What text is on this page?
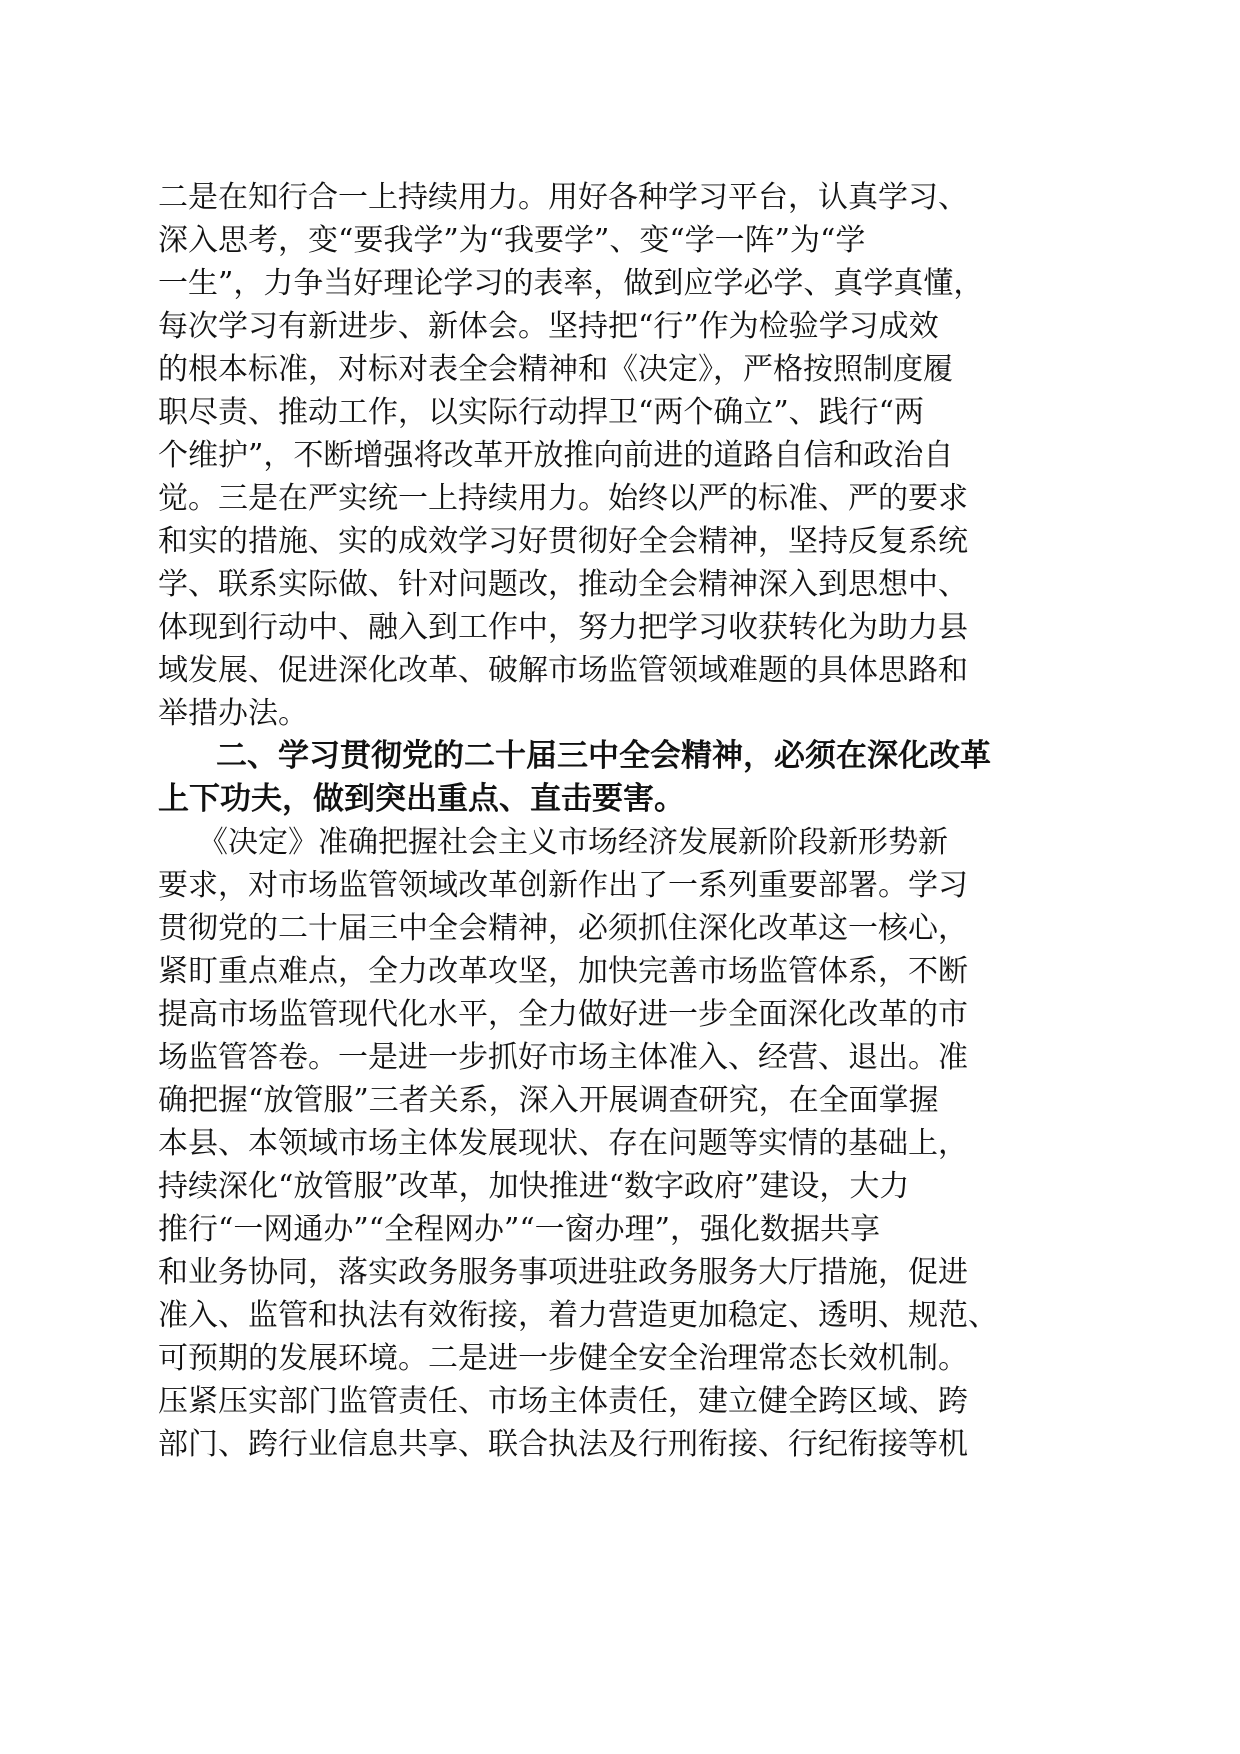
二是在知行合一上持续用力。用好各种学习平台，认真学习、
深入思考，变“要我学”为“我要学”、变“学一阵”为“学
一生”，力争当好理论学习的表率，做到应学必学、真学真懂，
每次学习有新进步、新体会。坚持把“行”作为检验学习成效
的根本标准，对标对表全会精神和《决定》，严格按照制度履
职尽责、推动工作，以实际行动捍卫“两个确立”、践行“两
个维护”，不断增强将改革开放推向前进的道路自信和政治自
觉。三是在严实统一上持续用力。始终以严的标准、严的要求
和实的措施、实的成效学习好贯彻好全会精神，坚持反复系统
学、联系实际做、针对问题改，推动全会精神深入到思想中、
体现到行动中、融入到工作中，努力把学习收获转化为助力县
域发展、促进深化改革、破解市场监管领域难题的具体思路和
举措办法。
二、学习贯彻党的二十届三中全会精神，必须在深化改革
上下功夫，做到突出重点、直击要害。
《决定》准确把握社会主义市场经济发展新阶段新形势新
要求，对市场监管领域改革创新作出了一系列重要部署。学习
贯彻党的二十届三中全会精神，必须抓住深化改革这一核心，
紧盯重点难点，全力改革攻坚，加快完善市场监管体系，不断
提高市场监管现代化水平，全力做好进一步全面深化改革的市
场监管答卷。一是进一步抓好市场主体准入、经营、退出。准
确把握“放管服”三者关系，深入开展调查研究，在全面掌握
本县、本领域市场主体发展现状、存在问题等实情的基础上，
持续深化“放管服”改革，加快推进“数字政府”建设，大力
推行“一网通办”“全程网办”“一窗办理”，强化数据共享
和业务协同，落实政务服务事项进驻政务服务大厅措施，促进
准入、监管和执法有效衔接，着力营造更加稳定、透明、规范、
可预期的发展环境。二是进一步健全安全治理常态长效机制。
压紧压实部门监管责任、市场主体责任，建立健全跨区域、跨
部门、跨行业信息共享、联合执法及行刑衔接、行纪衔接等机
